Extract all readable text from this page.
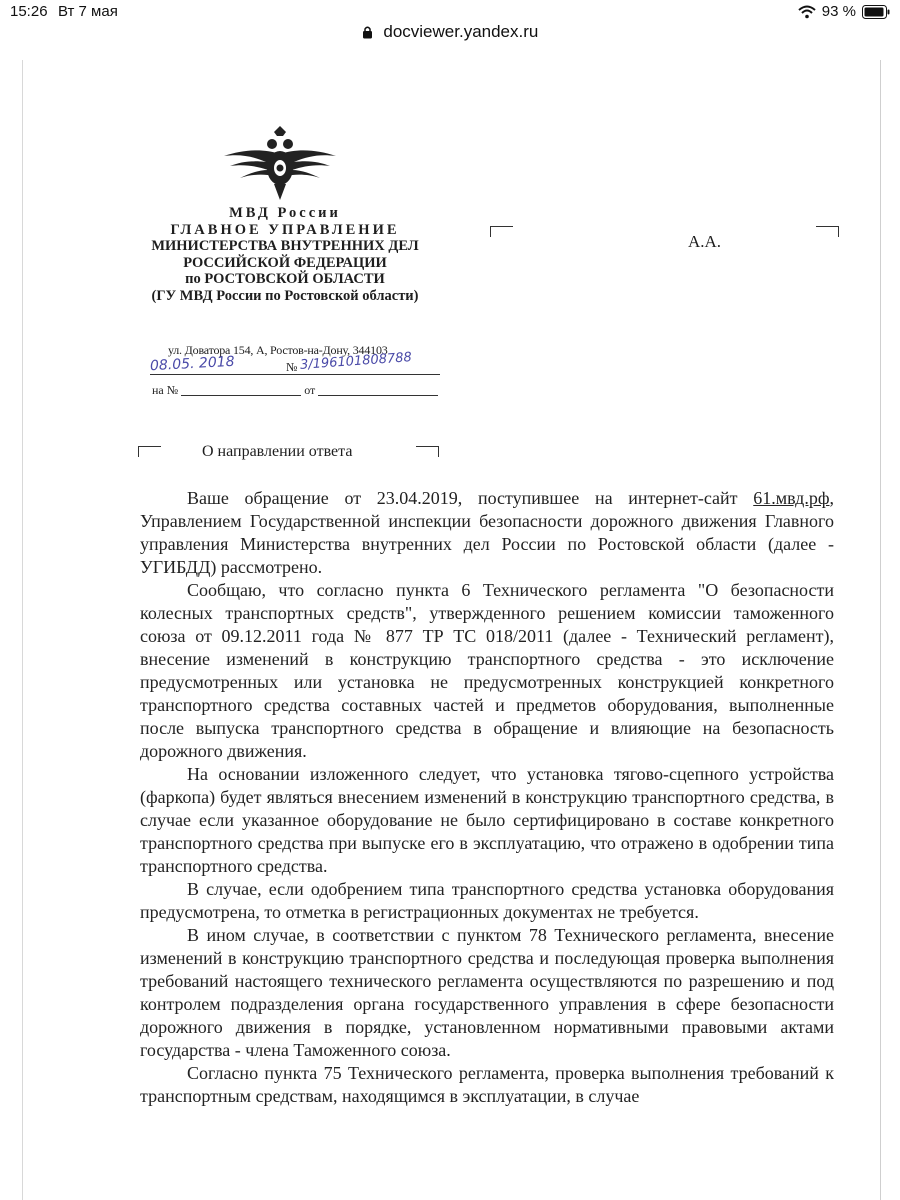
15:26 Вт 7 мая	93 %
docviewer.yandex.ru
МВД России
ГЛАВНОЕ УПРАВЛЕНИЕ
МИНИСТЕРСТВА ВНУТРЕННИХ ДЕЛ
РОССИЙСКОЙ ФЕДЕРАЦИИ
по РОСТОВСКОЙ ОБЛАСТИ
(ГУ МВД России по Ростовской области)
ул. Доватора 154, А, Ростов-на-Дону, 344103
08.05. 2018	№ 3/196101808788
на №	от
А.А.
О направлении ответа

Ваше обращение от 23.04.2019, поступившее на интернет-сайт 61.мвд.рф, Управлением Государственной инспекции безопасности дорожного движения Главного управления Министерства внутренних дел России по Ростовской области (далее - УГИБДД) рассмотрено.

Сообщаю, что согласно пункта 6 Технического регламента "О безопасности колесных транспортных средств", утвержденного решением комиссии таможенного союза от 09.12.2011 года № 877 ТР ТС 018/2011 (далее - Технический регламент), внесение изменений в конструкцию транспортного средства - это исключение предусмотренных или установка не предусмотренных конструкцией конкретного транспортного средства составных частей и предметов оборудования, выполненные после выпуска транспортного средства в обращение и влияющие на безопасность дорожного движения.

На основании изложенного следует, что установка тягово-сцепного устройства (фаркопа) будет являться внесением изменений в конструкцию транспортного средства, в случае если указанное оборудование не было сертифицировано в составе конкретного транспортного средства при выпуске его в эксплуатацию, что отражено в одобрении типа транспортного средства.

В случае, если одобрением типа транспортного средства установка оборудования предусмотрена, то отметка в регистрационных документах не требуется.

В ином случае, в соответствии с пунктом 78 Технического регламента, внесение изменений в конструкцию транспортного средства и последующая проверка выполнения требований настоящего технического регламента осуществляются по разрешению и под контролем подразделения органа государственного управления в сфере безопасности дорожного движения в порядке, установленном нормативными правовыми актами государства - члена Таможенного союза.

Согласно пункта 75 Технического регламента, проверка выполнения требований к транспортным средствам, находящимся в эксплуатации, в случае
